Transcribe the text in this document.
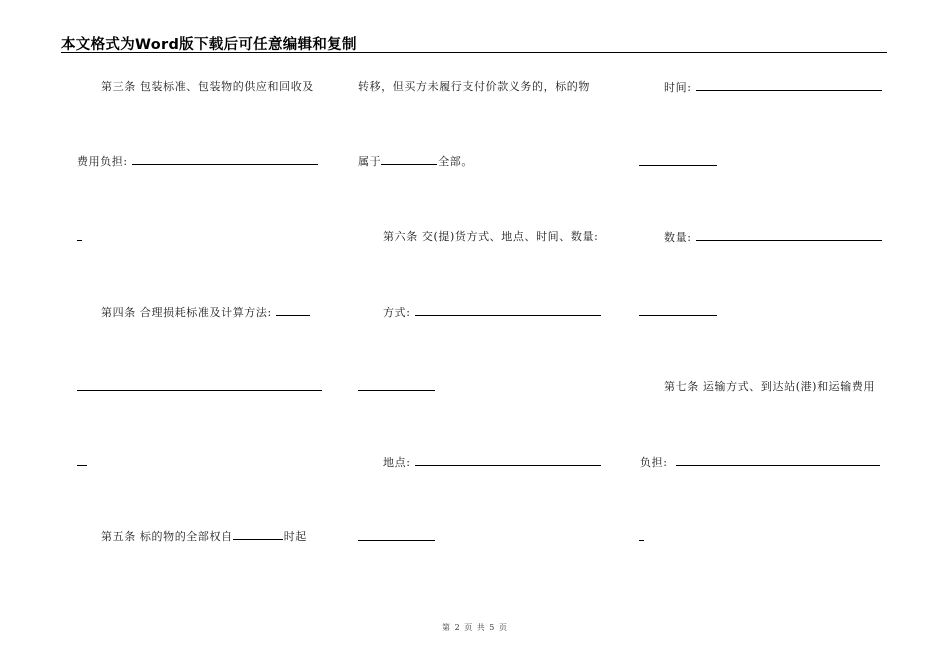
本文格式为Word版下载后可任意编辑和复制
第三条 包装标准、包装物的供应和回收及
费用负担:
第四条 合理损耗标准及计算方法:
第五条 标的物的全部权自	时起
转移，但买方未履行支付价款义务的，标的物
属于	全部。
第六条 交(提)货方式、地点、时间、数量:
方式:
地点:
时间:
数量:
第七条 运输方式、到达站(港)和运输费用
负担:
第 2 页 共 5 页
